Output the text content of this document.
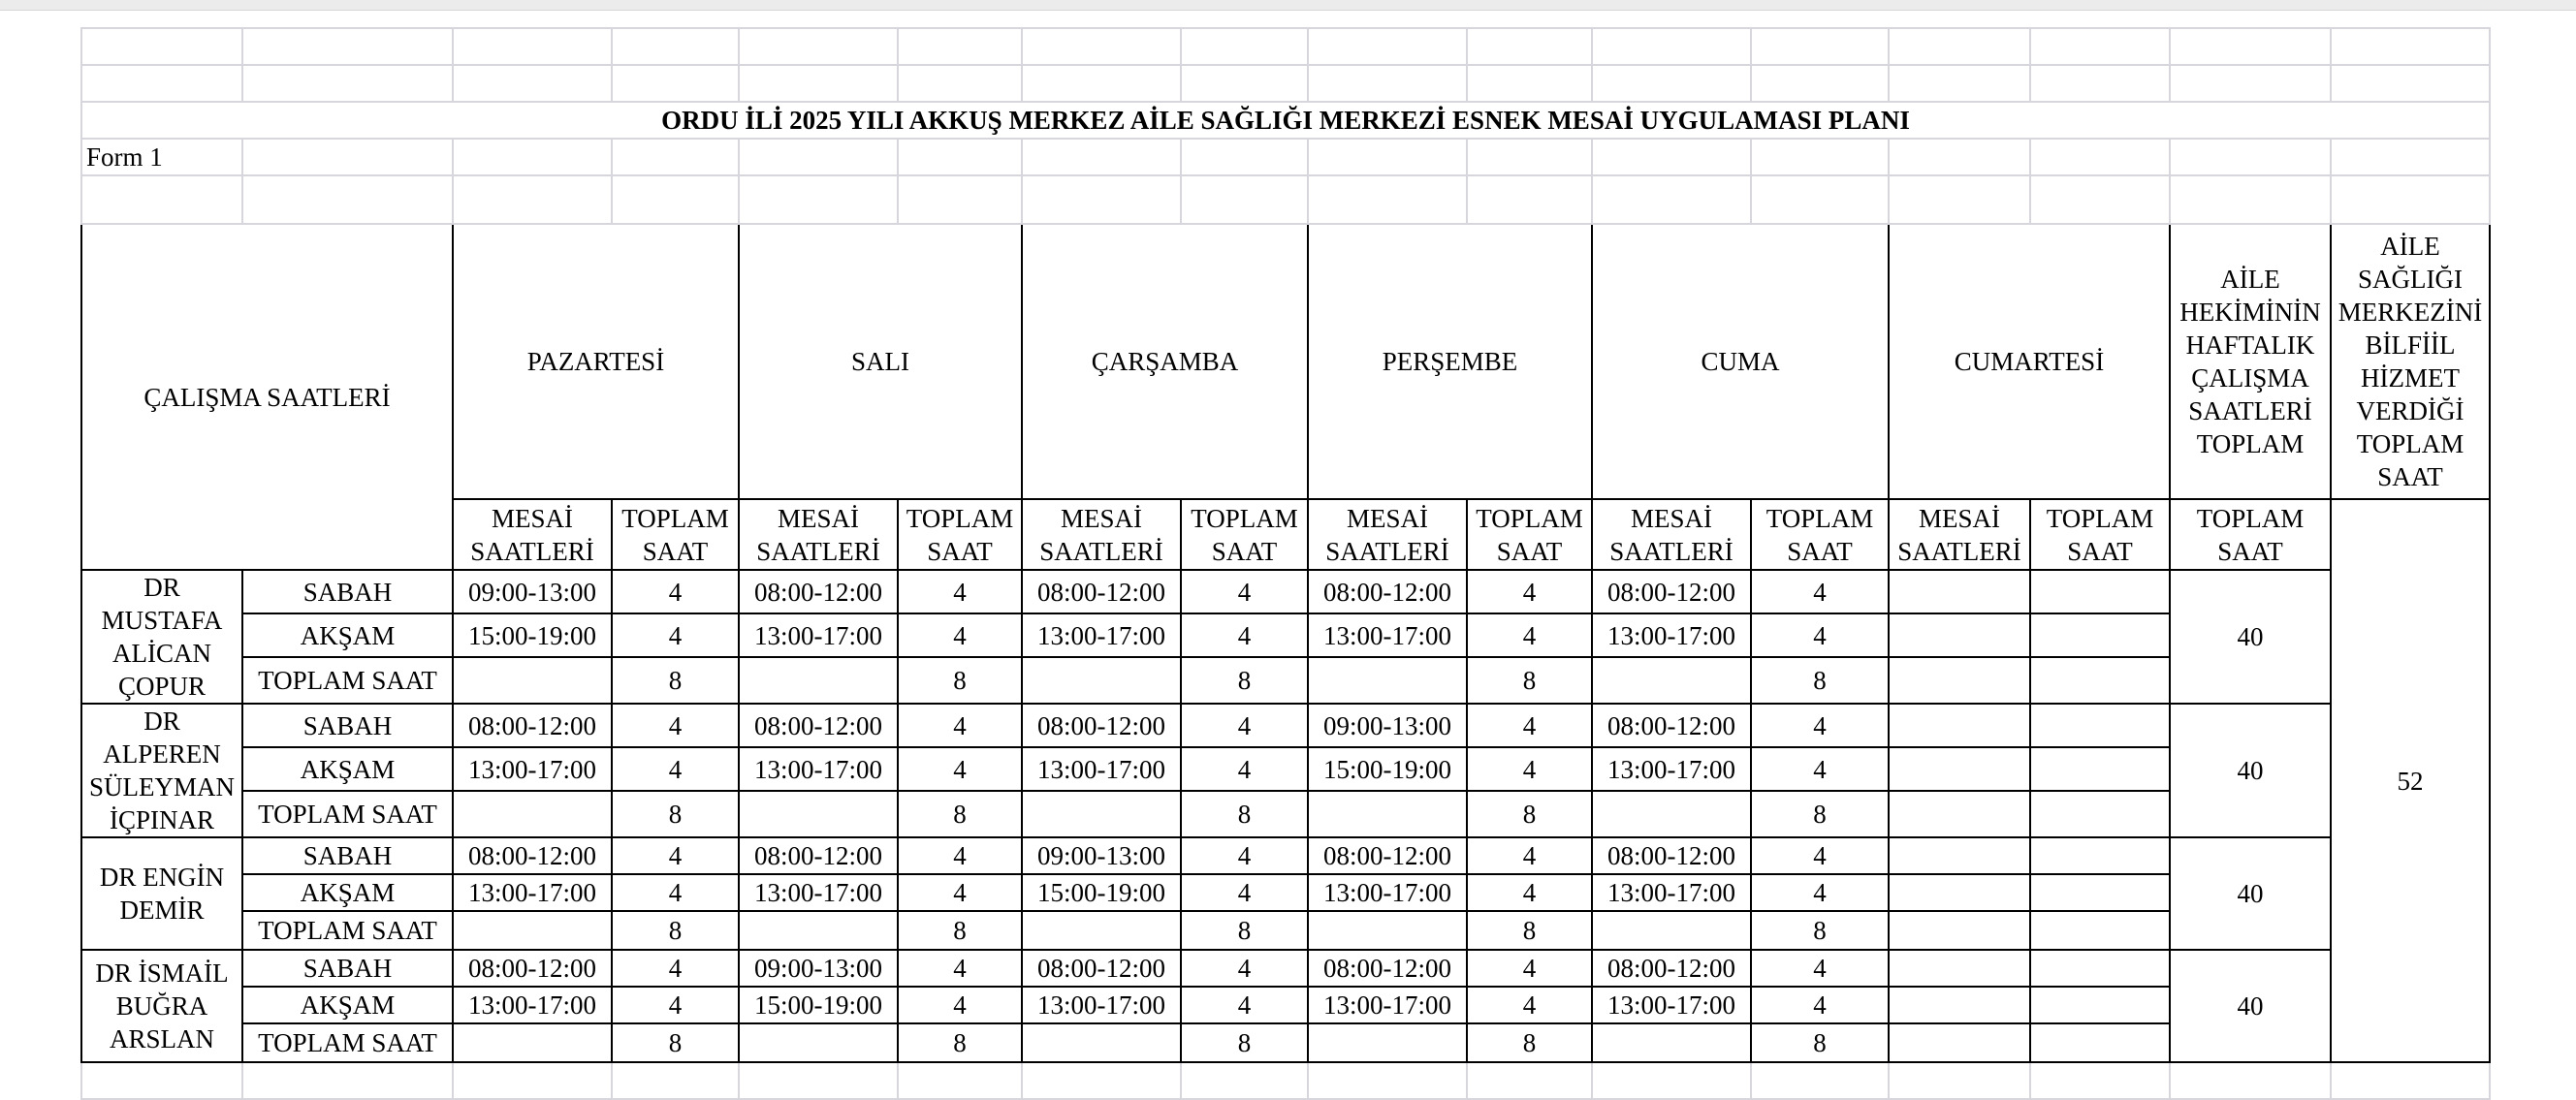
ORDU İLİ 2025 YILI AKKUŞ MERKEZ AİLE SAĞLIĞI MERKEZİ ESNEK MESAİ UYGULAMASI PLANI															
Form 1															

ÇALIŞMA SAATLERİ		PAZARTESİ		SALI		ÇARŞAMBA		PERŞEMBE		CUMA		CUMARTESİ		AİLE HEKİMİNİN HAFTALIK ÇALIŞMA SAATLERİ TOPLAM	AİLE SAĞLIĞI MERKEZİNİ BİLFİİL HİZMET VERDİĞİ TOPLAM SAAT
		MESAİ SAATLERİ	TOPLAM SAAT	MESAİ SAATLERİ	TOPLAM SAAT	MESAİ SAATLERİ	TOPLAM SAAT	MESAİ SAATLERİ	TOPLAM SAAT	MESAİ SAATLERİ	TOPLAM SAAT	MESAİ SAATLERİ	TOPLAM SAAT	TOPLAM SAAT	52
DR MUSTAFA ALİCAN ÇOPUR	SABAH	09:00-13:00	4	08:00-12:00	4	08:00-12:00	4	08:00-12:00	4	08:00-12:00	4			40	
	AKŞAM	15:00-19:00	4	13:00-17:00	4	13:00-17:00	4	13:00-17:00	4	13:00-17:00	4				
	TOPLAM SAAT		8		8		8		8		8				
DR ALPEREN SÜLEYMAN İÇPINAR	SABAH	08:00-12:00	4	08:00-12:00	4	08:00-12:00	4	09:00-13:00	4	08:00-12:00	4			40	
	AKŞAM	13:00-17:00	4	13:00-17:00	4	13:00-17:00	4	15:00-19:00	4	13:00-17:00	4				
	TOPLAM SAAT		8		8		8		8		8				
DR ENGİN DEMİR	SABAH	08:00-12:00	4	08:00-12:00	4	09:00-13:00	4	08:00-12:00	4	08:00-12:00	4			40	
	AKŞAM	13:00-17:00	4	13:00-17:00	4	15:00-19:00	4	13:00-17:00	4	13:00-17:00	4				
	TOPLAM SAAT		8		8		8		8		8				
DR İSMAİL BUĞRA ARSLAN	SABAH	08:00-12:00	4	09:00-13:00	4	08:00-12:00	4	08:00-12:00	4	08:00-12:00	4			40	
	AKŞAM	13:00-17:00	4	15:00-19:00	4	13:00-17:00	4	13:00-17:00	4	13:00-17:00	4				
	TOPLAM SAAT		8		8		8		8		8				
